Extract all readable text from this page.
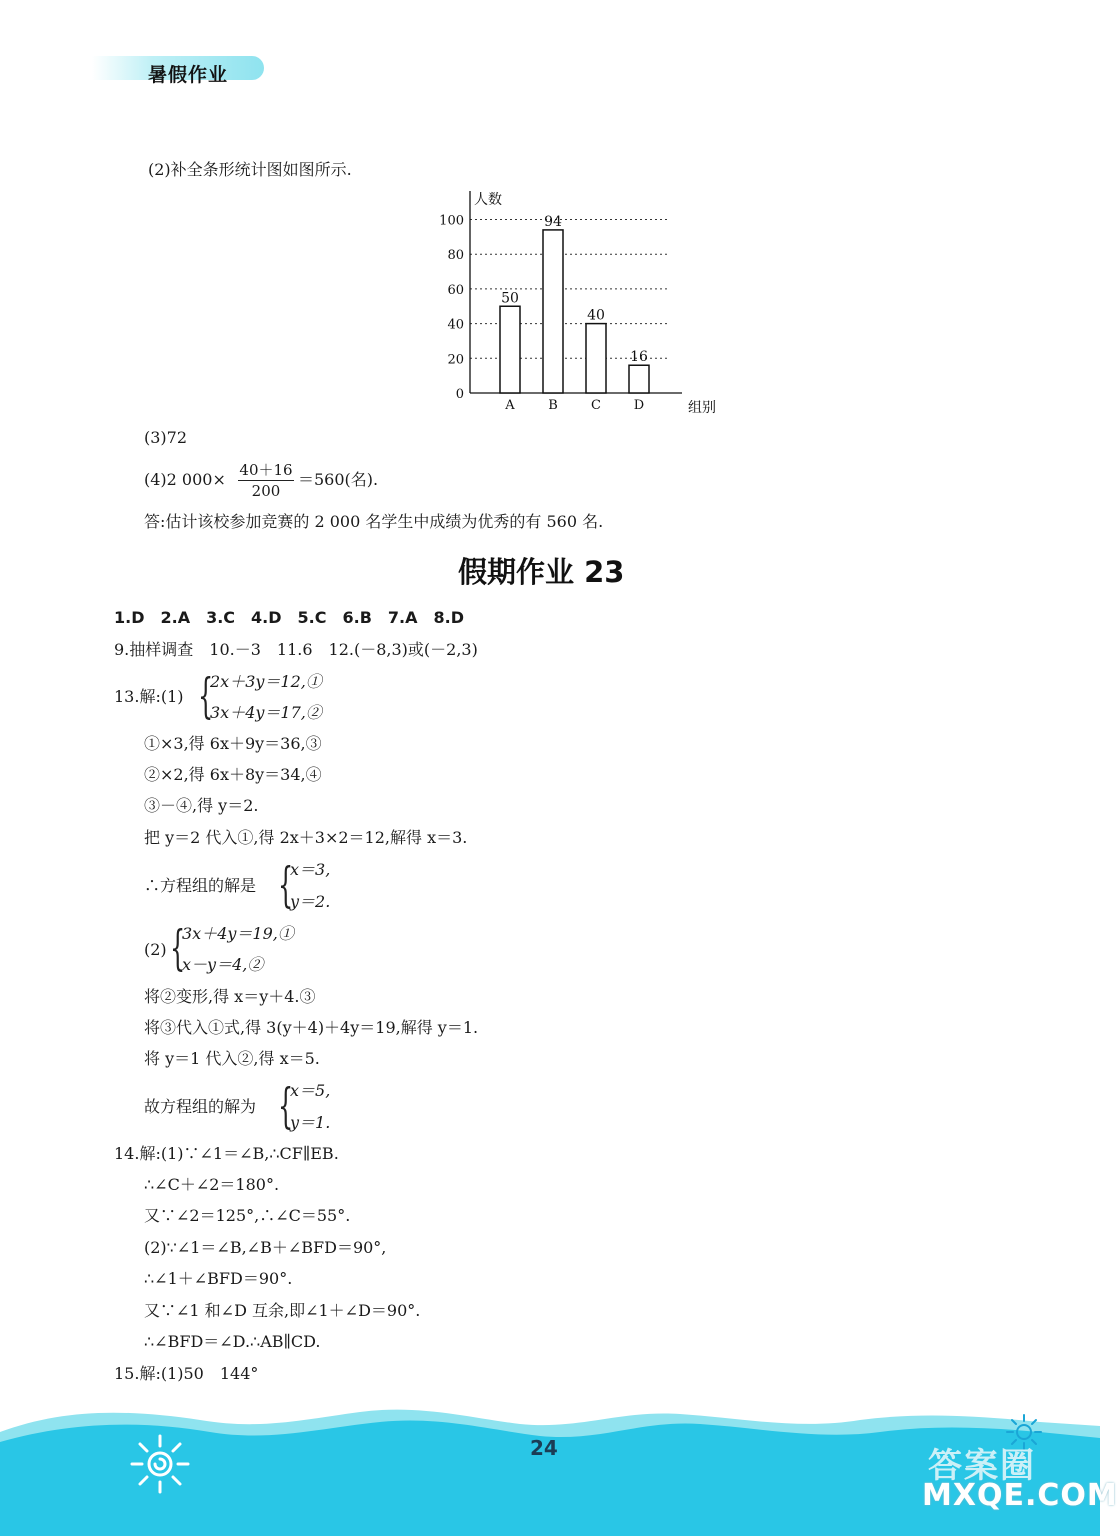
暑假作业
(2)补全条形统计图如图所示.
0
20
40
60
80
100
人数
组别
50
A
94
B
40
C
16
D
(3)72
(4)2 000× 40＋16
200
＝560(名).
答:估计该校参加竞赛的 2 000 名学生中成绩为优秀的有 560 名.
假期作业 23
1.D　2.A　3.C　4.D　5.C　6.B　7.A　8.D
9.抽样调查　10.－3　11.6　12.(－8,3)或(－2,3)
13.解:(1) {
2x＋3y＝12,①
3x＋4y＝17,②
①×3,得 6x＋9y＝36,③
②×2,得 6x＋8y＝34,④
③－④,得 y＝2.
把 y＝2 代入①,得 2x＋3×2＝12,解得 x＝3.
∴方程组的解是 {
x＝3,
y＝2.
(2) {
3x＋4y＝19,①
x－y＝4,②
将②变形,得 x＝y＋4.③
将③代入①式,得 3(y＋4)＋4y＝19,解得 y＝1.
将 y＝1 代入②,得 x＝5.
故方程组的解为 {
x＝5,
y＝1.
14.解:(1)∵∠1＝∠B,∴CF∥EB.
∴∠C＋∠2＝180°.
又∵∠2＝125°,∴∠C＝55°.
(2)∵∠1＝∠B,∠B＋∠BFD＝90°,
∴∠1＋∠BFD＝90°.
又∵∠1 和∠D 互余,即∠1＋∠D＝90°.
∴∠BFD＝∠D.∴AB∥CD.
15.解:(1)50　144°
24	答案圈
MXQE.COM
